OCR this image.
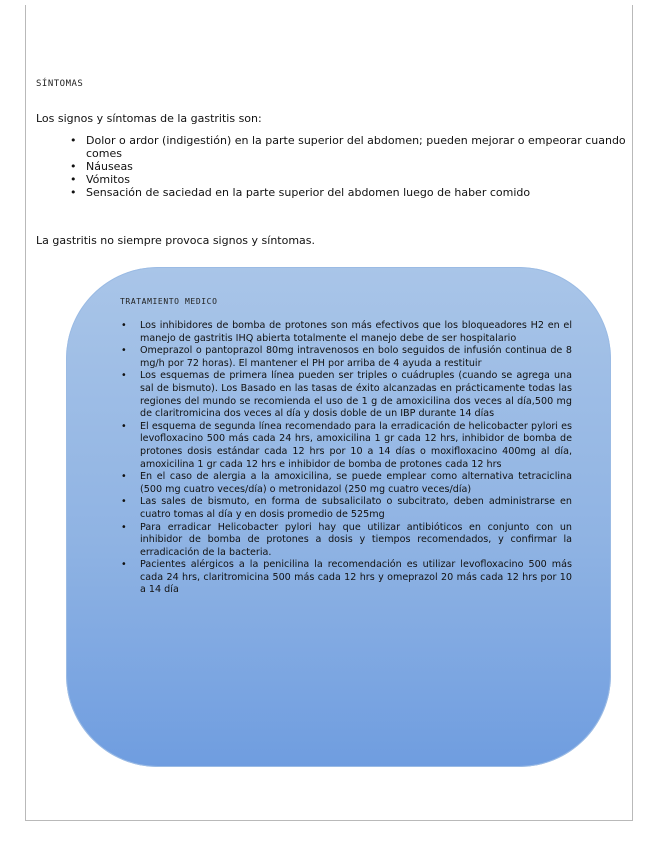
SÍNTOMAS
Los signos y síntomas de la gastritis son:
• Dolor o ardor (indigestión) en la parte superior del abdomen; pueden mejorar o empeorar cuando comes
• Náuseas
• Vómitos
• Sensación de saciedad en la parte superior del abdomen luego de haber comido
La gastritis no siempre provoca signos y síntomas.
TRATAMIENTO MEDICO
• Los inhibidores de bomba de protones son más efectivos que los bloqueadores H2 en el manejo de gastritis IHQ abierta totalmente el manejo debe de ser hospitalario
• Omeprazol o pantoprazol 80mg intravenosos en bolo seguidos de infusión continua de 8 mg/h por 72 horas). El mantener el PH por arriba de 4 ayuda a restituir
• Los esquemas de primera línea pueden ser triples o cuádruples (cuando se agrega una sal de bismuto). Los Basado en las tasas de éxito alcanzadas en prácticamente todas las regiones del mundo se recomienda el uso de 1 g de amoxicilina dos veces al día,500 mg de claritromicina dos veces al día y dosis doble de un IBP durante 14 días
• El esquema de segunda línea recomendado para la erradicación de helicobacter pylori es levofloxacino 500 más cada 24 hrs, amoxicilina 1 gr cada 12 hrs, inhibidor de bomba de protones dosis estándar cada 12 hrs por 10 a 14 días o moxifloxacino 400mg al día, amoxicilina 1 gr cada 12 hrs e inhibidor de bomba de protones cada 12 hrs
• En el caso de alergia a la amoxicilina, se puede emplear como alternativa tetraciclina (500 mg cuatro veces/día) o metronidazol (250 mg cuatro veces/día)
• Las sales de bismuto, en forma de subsalicilato o subcitrato, deben administrarse en cuatro tomas al día y en dosis promedio de 525mg
• Para erradicar Helicobacter pylori hay que utilizar antibióticos en conjunto con un inhibidor de bomba de protones a dosis y tiempos recomendados, y confirmar la erradicación de la bacteria.
• Pacientes alérgicos a la penicilina la recomendación es utilizar levofloxacino 500 más cada 24 hrs, claritromicina 500 más cada 12 hrs y omeprazol 20 más cada 12 hrs por 10 a 14 día
